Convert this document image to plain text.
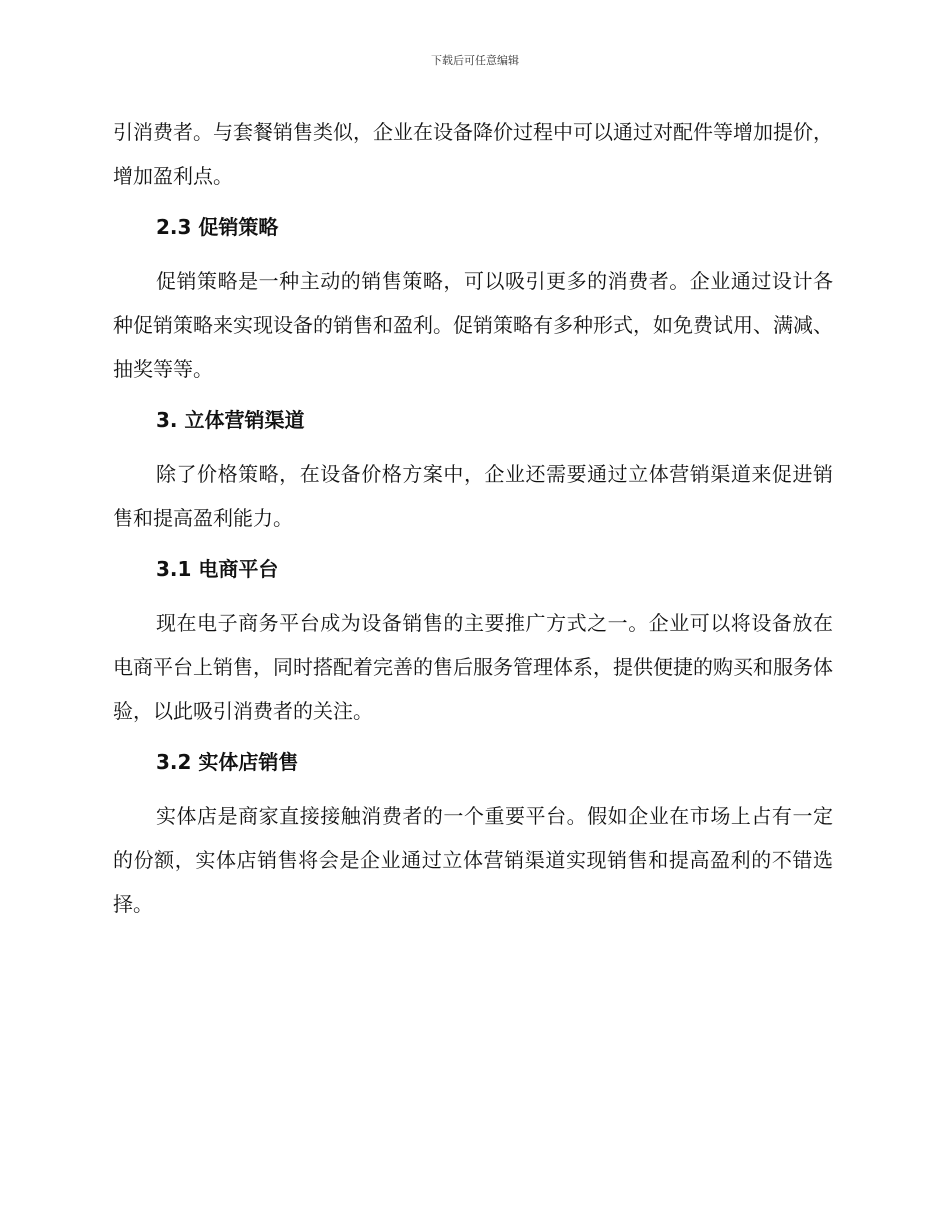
下载后可任意编辑

引消费者。与套餐销售类似，企业在设备降价过程中可以通过对配件等增加提价，增加盈利点。

2.3 促销策略

促销策略是一种主动的销售策略，可以吸引更多的消费者。企业通过设计各种促销策略来实现设备的销售和盈利。促销策略有多种形式，如免费试用、满减、抽奖等等。

3. 立体营销渠道

除了价格策略，在设备价格方案中，企业还需要通过立体营销渠道来促进销售和提高盈利能力。

3.1 电商平台

现在电子商务平台成为设备销售的主要推广方式之一。企业可以将设备放在电商平台上销售，同时搭配着完善的售后服务管理体系，提供便捷的购买和服务体验，以此吸引消费者的关注。

3.2 实体店销售

实体店是商家直接接触消费者的一个重要平台。假如企业在市场上占有一定的份额，实体店销售将会是企业通过立体营销渠道实现销售和提高盈利的不错选择。
